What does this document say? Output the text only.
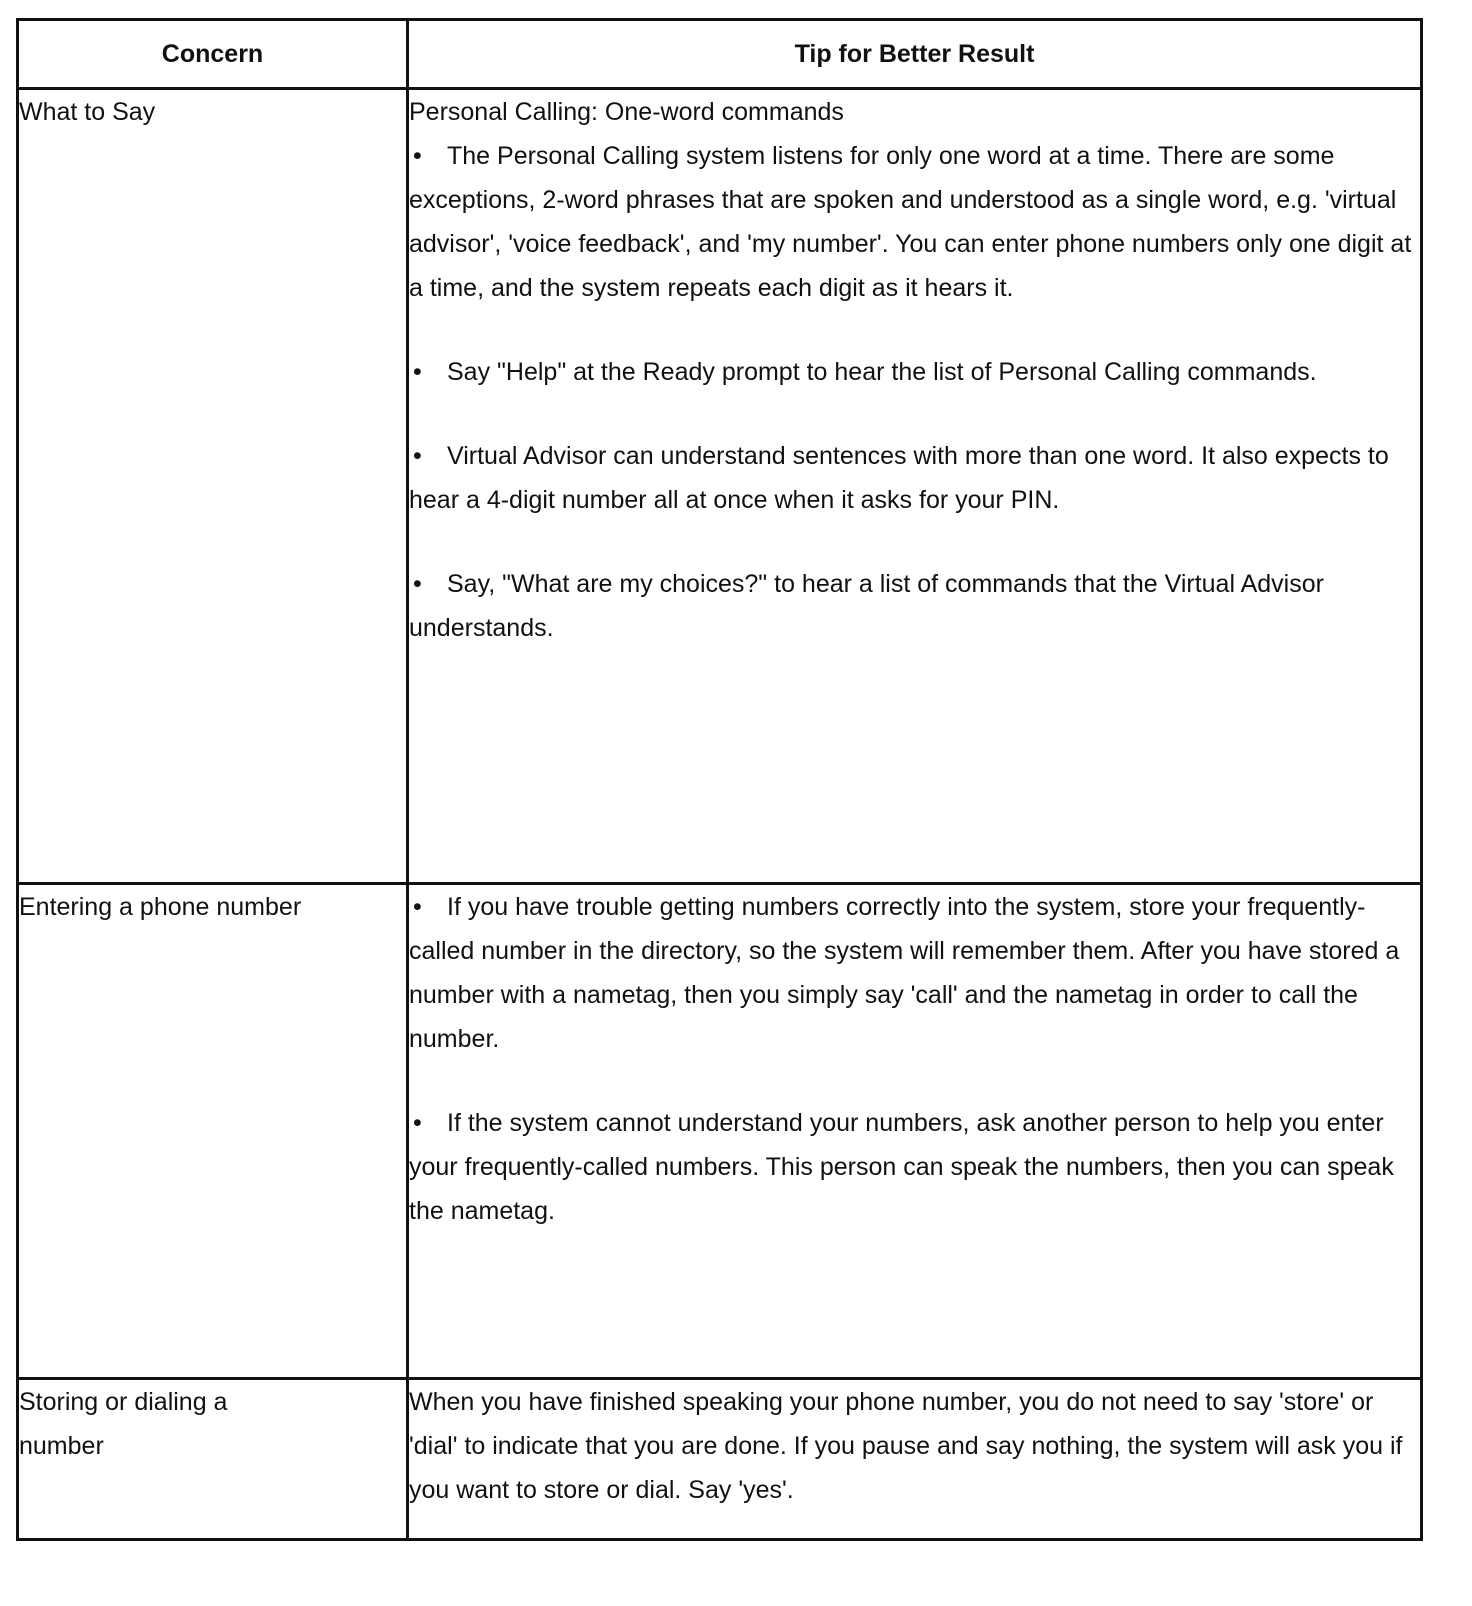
Concern	Tip for Better Result

What to Say	Personal Calling: One-word commands

• The Personal Calling system listens for only one word at a time. There are some exceptions, 2-word phrases that are spoken and understood as a single word, e.g. 'virtual advisor', 'voice feedback', and 'my number'. You can enter phone numbers only one digit at a time, and the system repeats each digit as it hears it.

• Say "Help" at the Ready prompt to hear the list of Personal Calling commands.

• Virtual Advisor can understand sentences with more than one word. It also expects to hear a 4-digit number all at once when it asks for your PIN.

• Say, "What are my choices?" to hear a list of commands that the Virtual Advisor understands.

Entering a phone number	• If you have trouble getting numbers correctly into the system, store your frequently-called number in the directory, so the system will remember them. After you have stored a number with a nametag, then you simply say 'call' and the nametag in order to call the number.

• If the system cannot understand your numbers, ask another person to help you enter your frequently-called numbers. This person can speak the numbers, then you can speak the nametag.

Storing or dialing a number	When you have finished speaking your phone number, you do not need to say 'store' or 'dial' to indicate that you are done. If you pause and say nothing, the system will ask you if you want to store or dial. Say 'yes'.
